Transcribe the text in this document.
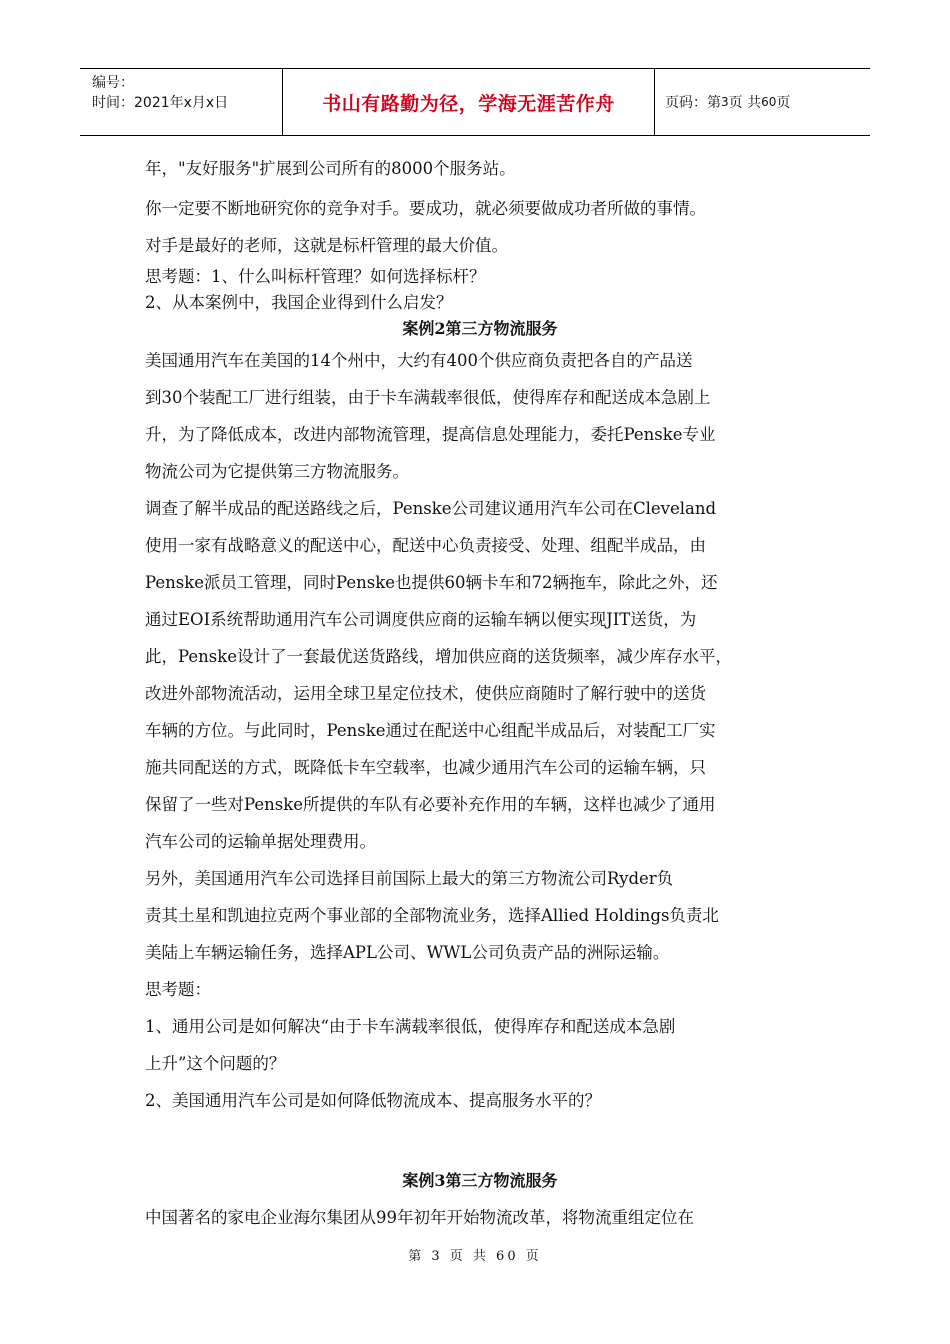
编号：
时间：2021年x月x日	书山有路勤为径，学海无涯苦作舟	页码：第 3 页 共 60 页
年，"友好服务"扩展到公司所有的8000个服务站。
你一定要不断地研究你的竞争对手。要成功，就必须要做成功者所做的事情。
对手是最好的老师，这就是标杆管理的最大价值。
思考题：1、什么叫标杆管理？如何选择标杆？
2、从本案例中，我国企业得到什么启发？
案例2第三方物流服务
美国通用汽车在美国的14个州中，大约有400个供应商负责把各自的产品送
到30个装配工厂进行组装，由于卡车满载率很低，使得库存和配送成本急剧上
升，为了降低成本，改进内部物流管理，提高信息处理能力，委托Penske专业
物流公司为它提供第三方物流服务。
调查了解半成品的配送路线之后，Penske公司建议通用汽车公司在Cleveland
使用一家有战略意义的配送中心，配送中心负责接受、处理、组配半成品，由
Penske派员工管理，同时Penske也提供60辆卡车和72辆拖车，除此之外，还
通过EOI系统帮助通用汽车公司调度供应商的运输车辆以便实现JIT送货，为
此，Penske设计了一套最优送货路线，增加供应商的送货频率，减少库存水平，
改进外部物流活动，运用全球卫星定位技术，使供应商随时了解行驶中的送货
车辆的方位。与此同时，Penske通过在配送中心组配半成品后，对装配工厂实
施共同配送的方式，既降低卡车空载率，也减少通用汽车公司的运输车辆，只
保留了一些对Penske所提供的车队有必要补充作用的车辆，这样也减少了通用
汽车公司的运输单据处理费用。
另外，美国通用汽车公司选择目前国际上最大的第三方物流公司Ryder负
责其土星和凯迪拉克两个事业部的全部物流业务，选择Allied Holdings负责北
美陆上车辆运输任务，选择APL公司、WWL公司负责产品的洲际运输。
思考题：
1、通用公司是如何解决“由于卡车满载率很低，使得库存和配送成本急剧
上升”这个问题的？
2、美国通用汽车公司是如何降低物流成本、提高服务水平的？
案例3第三方物流服务
中国著名的家电企业海尔集团从99年初年开始物流改革，将物流重组定位在
第 3 页 共 60 页
